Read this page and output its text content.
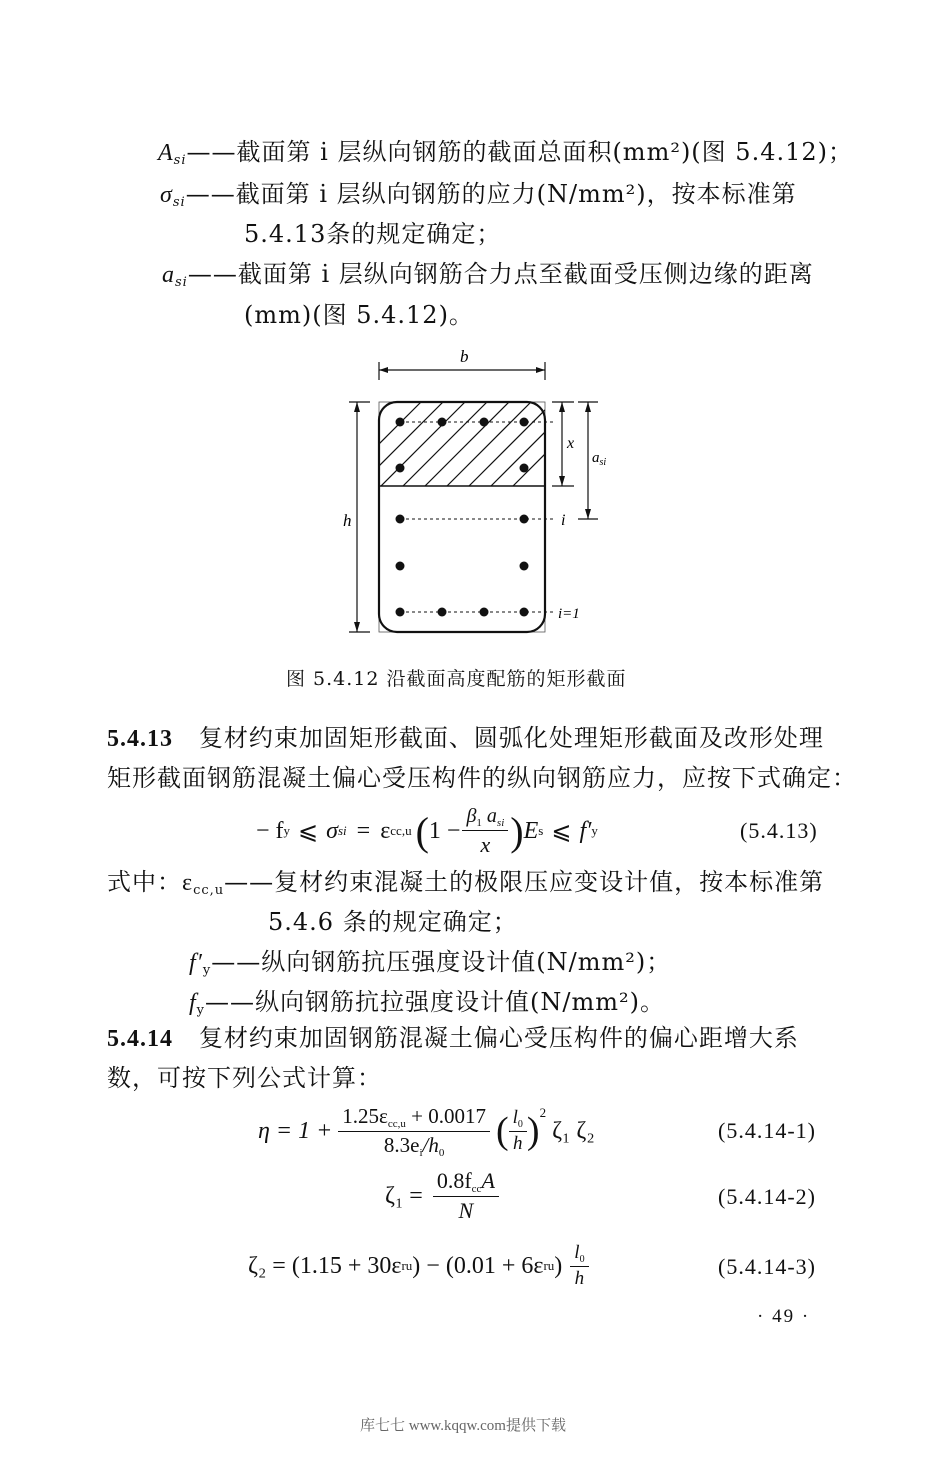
$A_{si}——$截面第 i 层纵向钢筋的截面总面积(mm²)(图 5.4.12)；
$\sigma_{si}——$截面第 i 层纵向钢筋的应力(N/mm²)，按本标准第
5.4.13条的规定确定；
$a_{si}——$截面第 i 层纵向钢筋合力点至截面受压侧边缘的距离
(mm)(图 5.4.12)。
b
h
x
$a_{si}$
i
i=1
图 5.4.12 沿截面高度配筋的矩形截面
5.4.13 复材约束加固矩形截面、圆弧化处理矩形截面及改形处理
矩形截面钢筋混凝土偏心受压构件的纵向钢筋应力，应按下式确定：
− f y ⩽ σ si = ε cc,u ( $1 - \frac{\beta_1 a_{si}}{x}$ ) E s ⩽ f′ y	(5.4.13)
式中：εcc,u——复材约束混凝土的极限压应变设计值，按本标准第
5.4.6 条的规定确定；
f′y——纵向钢筋抗压强度设计值(N/mm²)；
fy——纵向钢筋抗拉强度设计值(N/mm²)。
5.4.14 复材约束加固钢筋混凝土偏心受压构件的偏心距增大系
数，可按下列公式计算：
$\eta = 1 + \frac{\text{1.25εcc,u + 0.0017}}{8.3ei/h0}$ ( $\frac{l_0}{h}$ ) 2
ζ₁ ζ₂	(5.4.14-1)
$\zeta_1 = \frac{\text{0.8fccA}}{N}$	(5.4.14-2)
ζ₂ = (1.15 + 30ε ru ) − (0.01 + 6ε ru ) $\frac{l_0}{h}$	(5.4.14-3)
· 49 ·
库七七 www.kqqw.com提供下载
